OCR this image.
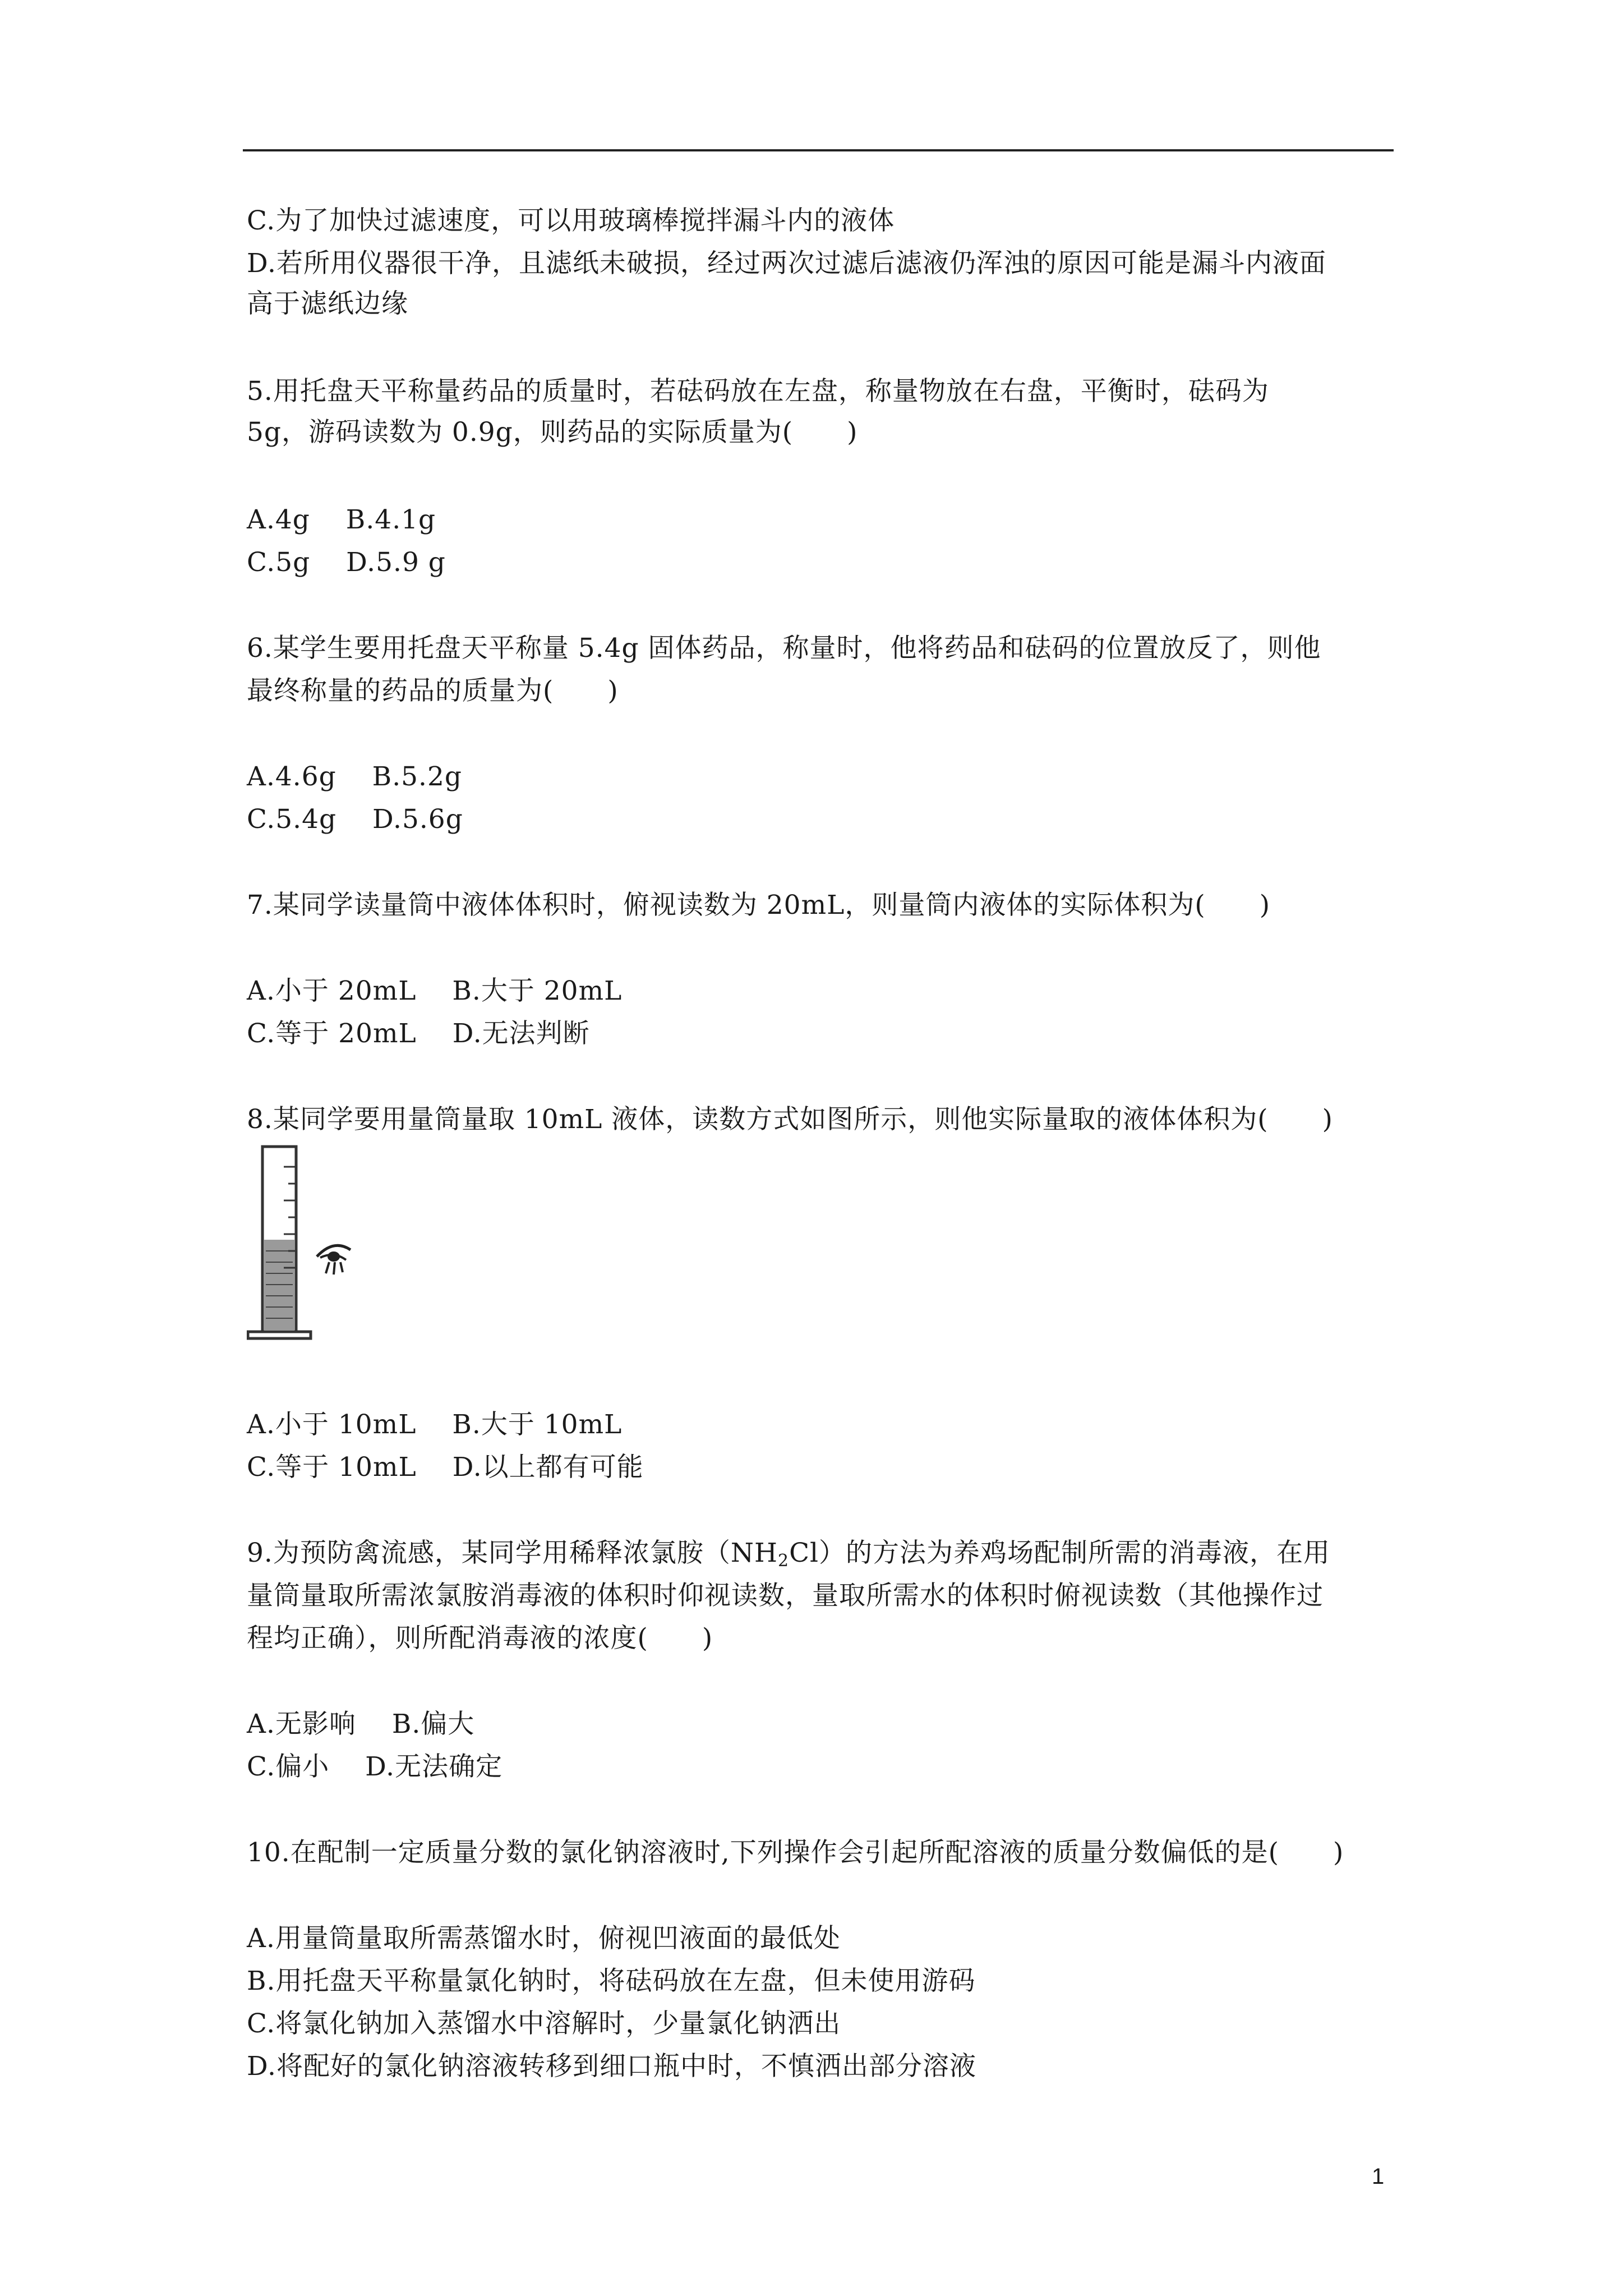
C.为了加快过滤速度，可以用玻璃棒搅拌漏斗内的液体
D.若所用仪器很干净，且滤纸未破损，经过两次过滤后滤液仍浑浊的原因可能是漏斗内液面
高于滤纸边缘
5.用托盘天平称量药品的质量时，若砝码放在左盘，称量物放在右盘，平衡时，砝码为
5g，游码读数为 0.9g，则药品的实际质量为(　　)
A.4g　 B.4.1g
C.5g　 D.5.9 g
6.某学生要用托盘天平称量 5.4g 固体药品，称量时，他将药品和砝码的位置放反了，则他
最终称量的药品的质量为(　　)
A.4.6g　 B.5.2g
C.5.4g　 D.5.6g
7.某同学读量筒中液体体积时，俯视读数为 20mL，则量筒内液体的实际体积为(　　)
A.小于 20mL　 B.大于 20mL
C.等于 20mL　 D.无法判断
8.某同学要用量筒量取 10mL 液体，读数方式如图所示，则他实际量取的液体体积为(　　)
A.小于 10mL　 B.大于 10mL
C.等于 10mL　 D.以上都有可能
9.为预防禽流感，某同学用稀释浓氯胺$(NH_2Cl)$的方法为养鸡场配制所需的消毒液，在用
量筒量取所需浓氯胺消毒液的体积时仰视读数，量取所需水的体积时俯视读数（其他操作过
程均正确），则所配消毒液的浓度(　　)
A.无影响　 B.偏大
C.偏小　 D.无法确定
10.在配制一定质量分数的氯化钠溶液时,下列操作会引起所配溶液的质量分数偏低的是(　　)
A.用量筒量取所需蒸馏水时，俯视凹液面的最低处
B.用托盘天平称量氯化钠时，将砝码放在左盘，但未使用游码
C.将氯化钠加入蒸馏水中溶解时，少量氯化钠洒出
D.将配好的氯化钠溶液转移到细口瓶中时，不慎洒出部分溶液
1
